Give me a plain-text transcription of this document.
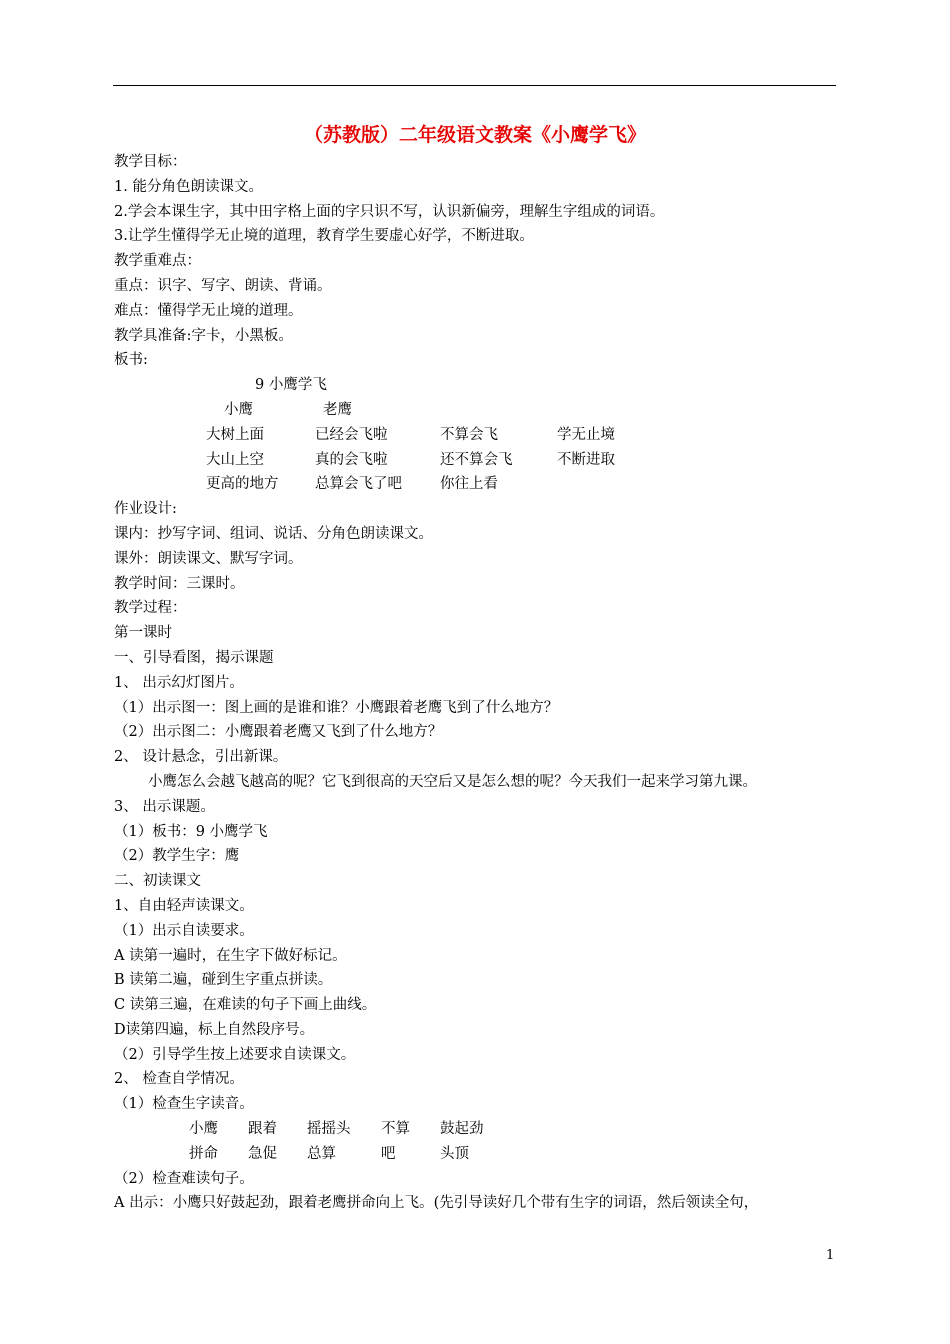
（苏教版）二年级语文教案《小鹰学飞》
教学目标：
1. 能分角色朗读课文。
2.学会本课生字，其中田字格上面的字只识不写，认识新偏旁，理解生字组成的词语。
3.让学生懂得学无止境的道理，教育学生要虚心好学，不断进取。
教学重难点：
重点：识字、写字、朗读、背诵。
难点：懂得学无止境的道理。
教学具准备:字卡，小黑板。
板书:
9 小鹰学飞
小鹰	老鹰
大树上面	已经会飞啦	不算会飞	学无止境
大山上空	真的会飞啦	还不算会飞	不断进取
更高的地方	总算会飞了吧	你往上看
作业设计:
课内：抄写字词、组词、说话、分角色朗读课文。
课外：朗读课文、默写字词。
教学时间：三课时。
教学过程：
第一课时
一、引导看图，揭示课题
1、 出示幻灯图片。
（1）出示图一：图上画的是谁和谁？小鹰跟着老鹰飞到了什么地方？
（2）出示图二：小鹰跟着老鹰又飞到了什么地方？
2、 设计悬念，引出新课。
小鹰怎么会越飞越高的呢？它飞到很高的天空后又是怎么想的呢？今天我们一起来学习第九课。
3、 出示课题。
（1）板书：9 小鹰学飞
（2）教学生字：鹰
二、初读课文
1、自由轻声读课文。
（1）出示自读要求。
A 读第一遍时，在生字下做好标记。
B 读第二遍，碰到生字重点拼读。
C 读第三遍，在难读的句子下画上曲线。
D读第四遍，标上自然段序号。
（2）引导学生按上述要求自读课文。
2、 检查自学情况。
（1）检查生字读音。
小鹰 跟着 摇摇头 不算 鼓起劲
拼命 急促 总算	吧	头顶
（2）检查难读句子。
A 出示：小鹰只好鼓起劲，跟着老鹰拼命向上飞。(先引导读好几个带有生字的词语，然后领读全句，
1
